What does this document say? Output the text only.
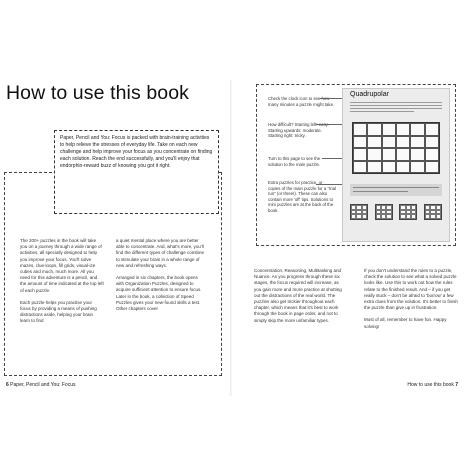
How to use this book

Paper, Pencil and You: Focus is packed with brain-training activities to help relieve the stresses of everyday life. Take on each new challenge and help improve your focus as you concentrate on finding each solution. Reach the end successfully, and you'll enjoy that endorphin-reward buzz of knowing you got it right.

The 200+ puzzles in the book will take you on a journey through a wide range of activities, all specially designed to help you improve your focus. You'll solve mazes, clue-loops, fill grids, visual-ize cubes and much, much more. All you need for this adventure is a pencil, and the amount of time indicated at the top left of each puzzle.

Each puzzle helps you practise your focus by providing a means of pushing distractions aside, helping your brain learn to find

a quiet mental place where you are better able to concentrate. And, what's more, you'll find the different types of challenge combine to stimulate your brain in a whole range of new and refreshing ways.

Arranged in six chapters, the book opens with Organization Puzzles, designed to acquire sufficient attention to ensure focus. Later in the book, a collection of Speed Puzzles gives your new-found skills a test. Other chapters cover

6 Paper, Pencil and You: Focus
Check the clock icon to see how many minutes a puzzle might take.
How difficult? Starting left: easy. Starting upwards: moderate. Starting right: tricky.
Turn to this page to see the solution to the main puzzle.
Extra puzzles for practice, or copies of the main puzzle for a "trial run" (or three!). These can also contain more 'off' tips. Solutions to mini puzzles are at the back of the book.
Quadrupolar

Concentration, Reasoning, Multitasking and Nuance. As you progress through these six stages, the focus required will increase, as you gain more and more practice at shutting out the distractions of the real world. The puzzles also get trickier throughout each chapter, which means that it's best to work through the book in page order, and not to simply skip the more unfamiliar types.

If you don't understand the rules to a puzzle, check the solution to see what a solved puzzle looks like. Use this to work out how the rules relate to the finished result. And – if you get really stuck – don't be afraid to 'borrow' a few extra clues from the solution. It's better to finish the puzzle than give up in frustration.

Most of all, remember to have fun. Happy solving!

How to use this book 7
